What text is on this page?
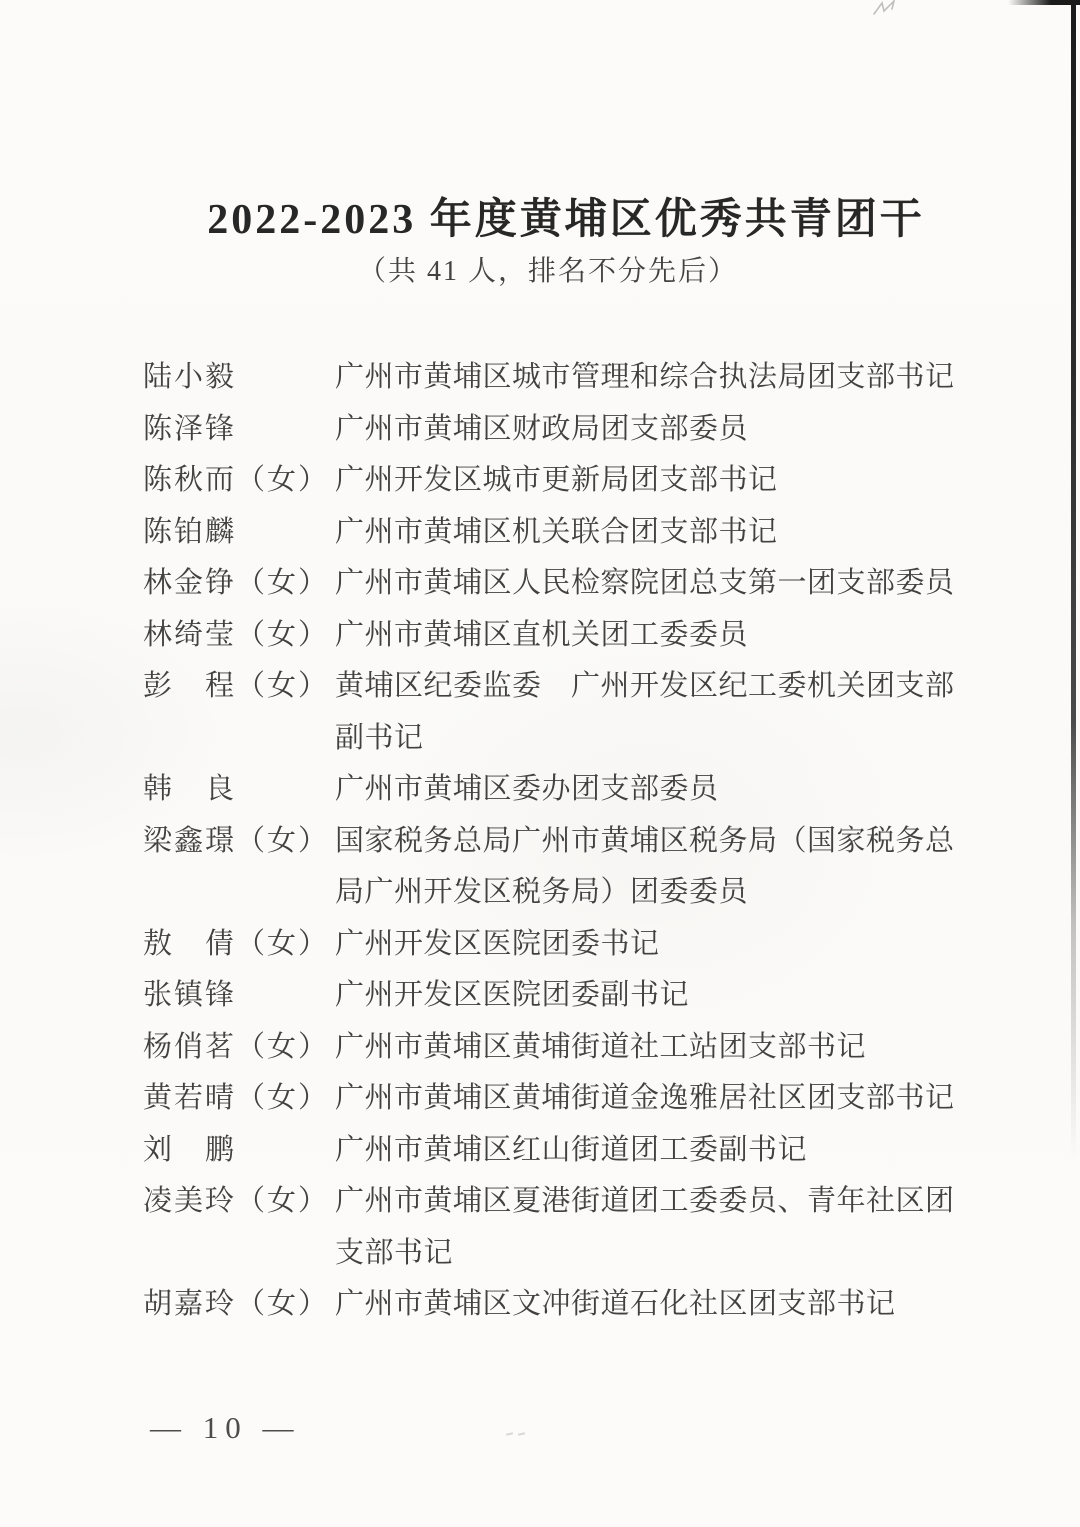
2022-2023 年度黄埔区优秀共青团干
（共 41 人，排名不分先后）
陆小毅	广州市黄埔区城市管理和综合执法局团支部书记
陈泽锋	广州市黄埔区财政局团支部委员
陈秋而（女） 广州开发区城市更新局团支部书记
陈铂麟	广州市黄埔区机关联合团支部书记
林金铮（女） 广州市黄埔区人民检察院团总支第一团支部委员
林绮莹（女） 广州市黄埔区直机关团工委委员
彭　程（女） 黄埔区纪委监委　广州开发区纪工委机关团支部
副书记
韩　良	广州市黄埔区委办团支部委员
梁鑫璟（女） 国家税务总局广州市黄埔区税务局（国家税务总
局广州开发区税务局）团委委员
敖　倩（女） 广州开发区医院团委书记
张镇锋	广州开发区医院团委副书记
杨俏茗（女） 广州市黄埔区黄埔街道社工站团支部书记
黄若晴（女） 广州市黄埔区黄埔街道金逸雅居社区团支部书记
刘　鹏	广州市黄埔区红山街道团工委副书记
凌美玲（女） 广州市黄埔区夏港街道团工委委员、青年社区团
支部书记
胡嘉玲（女） 广州市黄埔区文冲街道石化社区团支部书记
— 10 —
